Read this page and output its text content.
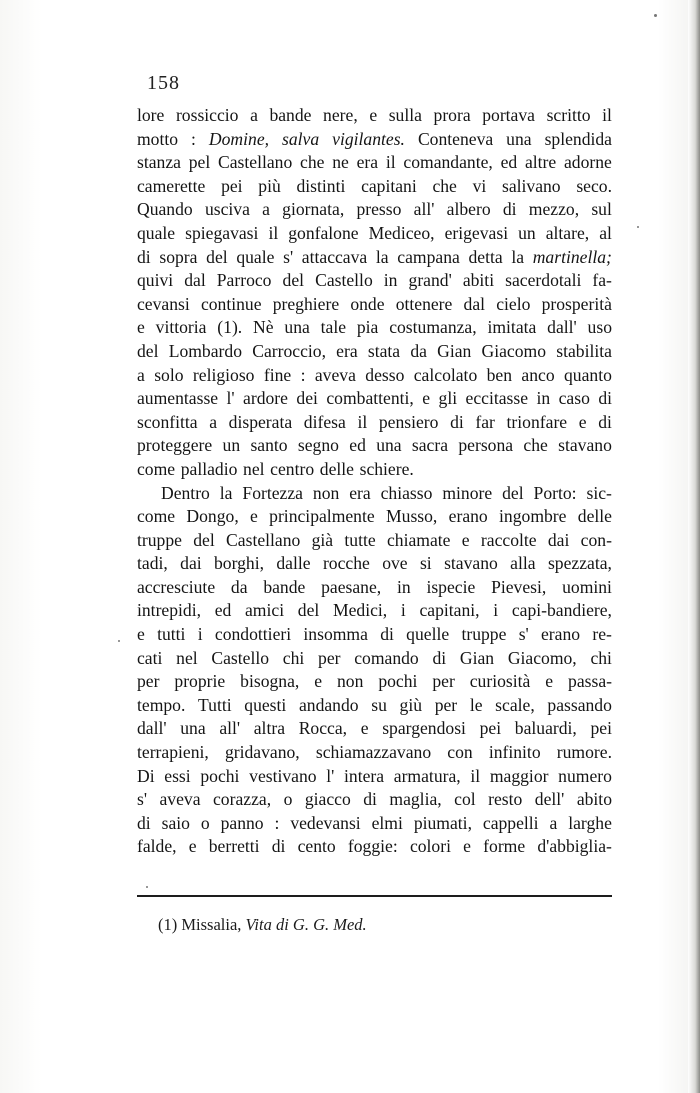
158
lore rossiccio a bande nere, e sulla prora portava scritto il
motto : Domine, salva vigilantes. Conteneva una splendida
stanza pel Castellano che ne era il comandante, ed altre adorne
camerette pei più distinti capitani che vi salivano seco.
Quando usciva a giornata, presso all' albero di mezzo, sul
quale spiegavasi il gonfalone Mediceo, erigevasi un altare, al
di sopra del quale s' attaccava la campana detta la martinella;
quivi dal Parroco del Castello in grand' abiti sacerdotali fa-
cevansi continue preghiere onde ottenere dal cielo prosperità
e vittoria (1). Nè una tale pia costumanza, imitata dall' uso
del Lombardo Carroccio, era stata da Gian Giacomo stabilita
a solo religioso fine : aveva desso calcolato ben anco quanto
aumentasse l' ardore dei combattenti, e gli eccitasse in caso di
sconfitta a disperata difesa il pensiero di far trionfare e di
proteggere un santo segno ed una sacra persona che stavano
come palladio nel centro delle schiere.
Dentro la Fortezza non era chiasso minore del Porto: sic-
come Dongo, e principalmente Musso, erano ingombre delle
truppe del Castellano già tutte chiamate e raccolte dai con-
tadi, dai borghi, dalle rocche ove si stavano alla spezzata,
accresciute da bande paesane, in ispecie Pievesi, uomini
intrepidi, ed amici del Medici, i capitani, i capi-bandiere,
e tutti i condottieri insomma di quelle truppe s' erano re-
cati nel Castello chi per comando di Gian Giacomo, chi
per proprie bisogna, e non pochi per curiosità e passa-
tempo. Tutti questi andando su giù per le scale, passando
dall' una all' altra Rocca, e spargendosi pei baluardi, pei
terrapieni, gridavano, schiamazzavano con infinito rumore.
Di essi pochi vestivano l' intera armatura, il maggior numero
s' aveva corazza, o giacco di maglia, col resto dell' abito
di saio o panno : vedevansi elmi piumati, cappelli a larghe
falde, e berretti di cento foggie: colori e forme d'abbiglia-
(1) Missalia, Vita di G. G. Med.
